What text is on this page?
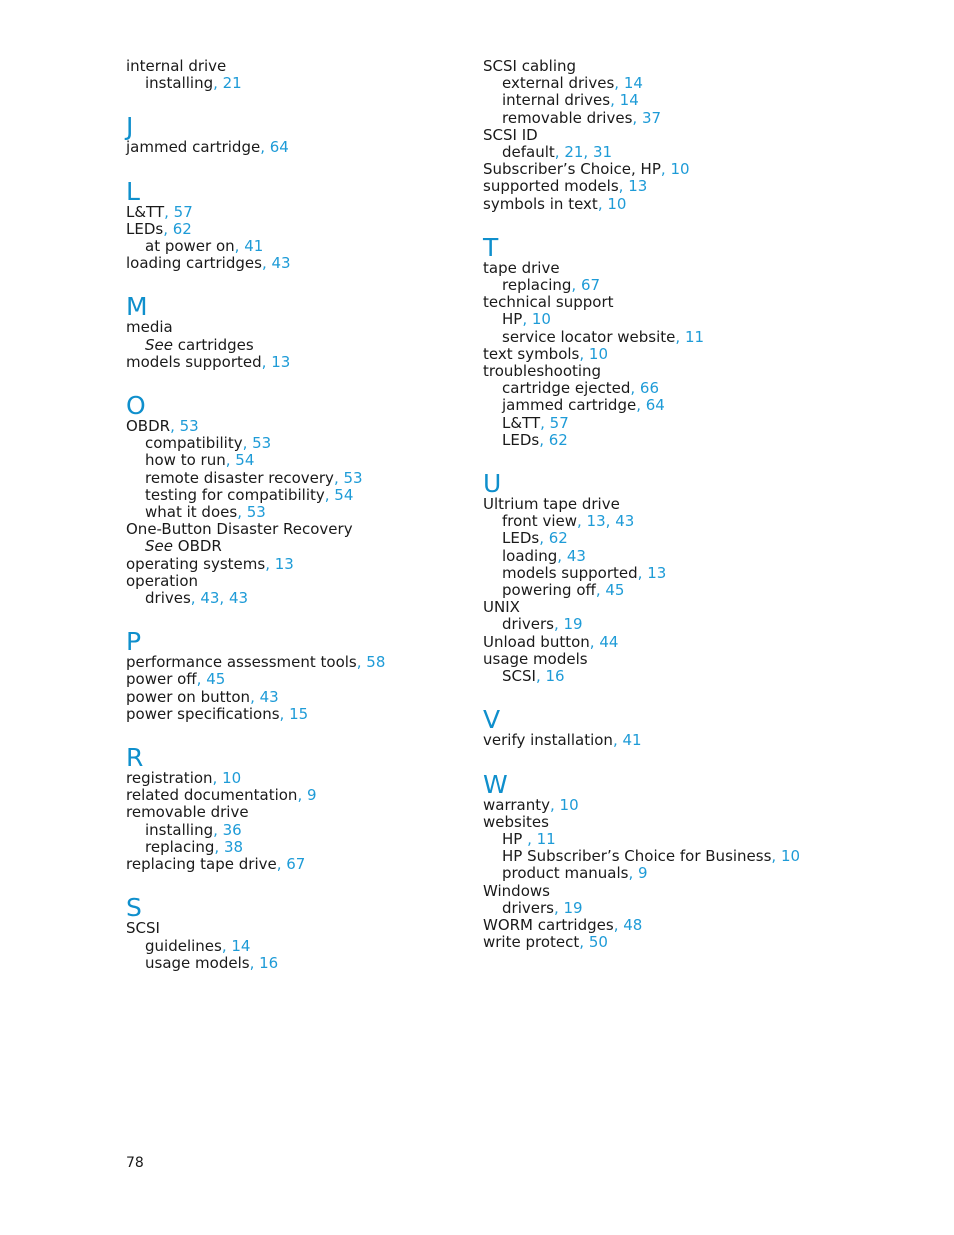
internal drive
installing, 21
J
jammed cartridge, 64
L
L&TT, 57
LEDs, 62
at power on, 41
loading cartridges, 43
M
media
See cartridges
models supported, 13
O
OBDR, 53
compatibility, 53
how to run, 54
remote disaster recovery, 53
testing for compatibility, 54
what it does, 53
One-Button Disaster Recovery
See OBDR
operating systems, 13
operation
drives, 43, 43
P
performance assessment tools, 58
power off, 45
power on button, 43
power specifications, 15
R
registration, 10
related documentation, 9
removable drive
installing, 36
replacing, 38
replacing tape drive, 67
S
SCSI
guidelines, 14
usage models, 16
SCSI cabling
external drives, 14
internal drives, 14
removable drives, 37
SCSI ID
default, 21, 31
Subscriber’s Choice, HP, 10
supported models, 13
symbols in text, 10
T
tape drive
replacing, 67
technical support
HP, 10
service locator website, 11
text symbols, 10
troubleshooting
cartridge ejected, 66
jammed cartridge, 64
L&TT, 57
LEDs, 62
U
Ultrium tape drive
front view, 13, 43
LEDs, 62
loading, 43
models supported, 13
powering off, 45
UNIX
drivers, 19
Unload button, 44
usage models
SCSI, 16
V
verify installation, 41
W
warranty, 10
websites
HP , 11
HP Subscriber’s Choice for Business, 10
product manuals, 9
Windows
drivers, 19
WORM cartridges, 48
write protect, 50
78
